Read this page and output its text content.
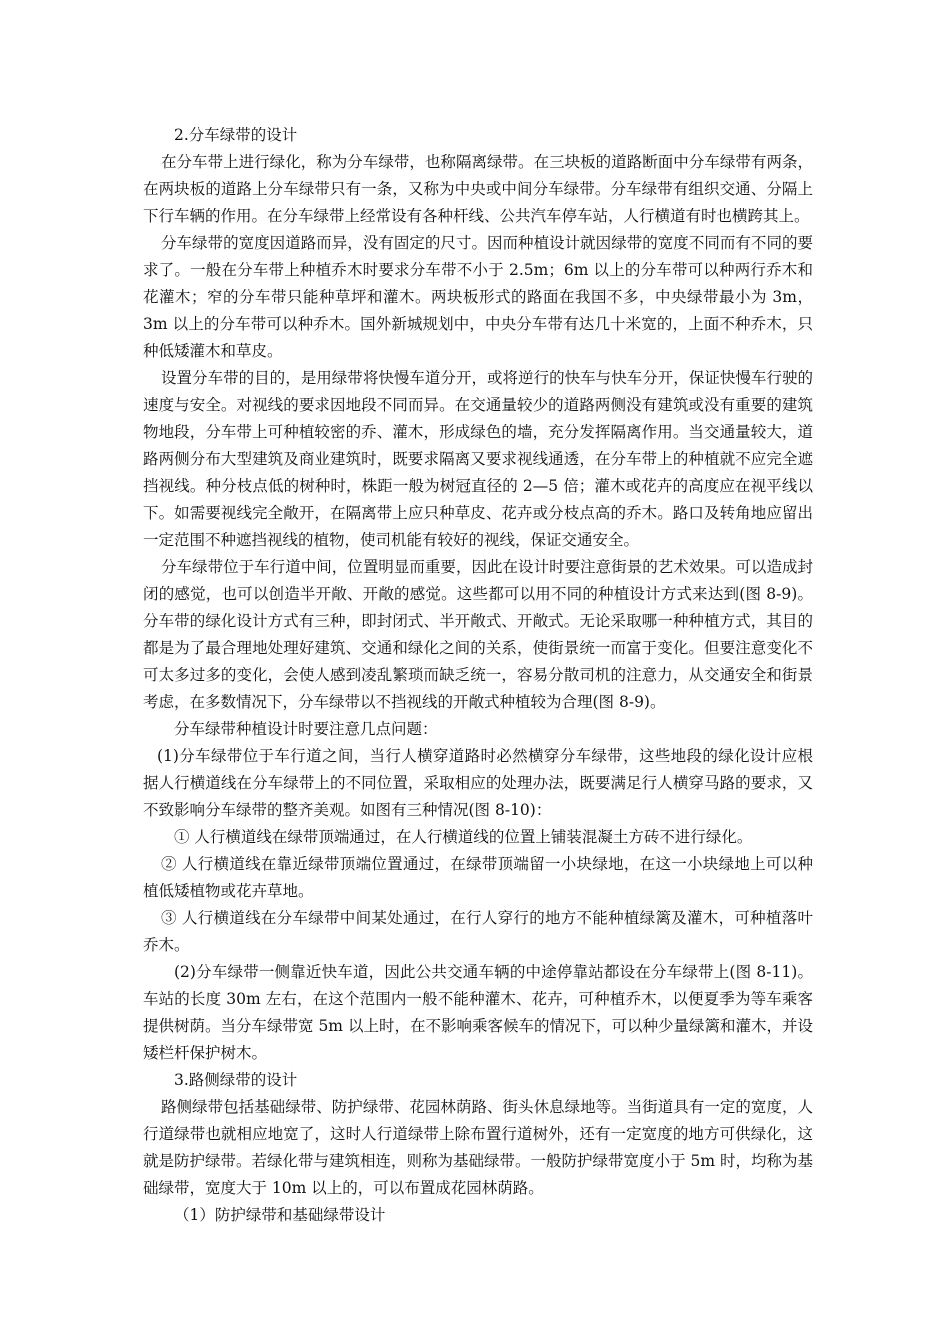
2.分车绿带的设计

在分车带上进行绿化，称为分车绿带，也称隔离绿带。在三块板的道路断面中分车绿带有两条，在两块板的道路上分车绿带只有一条，又称为中央或中间分车绿带。分车绿带有组织交通、分隔上下行车辆的作用。在分车绿带上经常设有各种杆线、公共汽车停车站，人行横道有时也横跨其上。

分车绿带的宽度因道路而异，没有固定的尺寸。因而种植设计就因绿带的宽度不同而有不同的要求了。一般在分车带上种植乔木时要求分车带不小于 2.5m；6m 以上的分车带可以种两行乔木和花灌木；窄的分车带只能种草坪和灌木。两块板形式的路面在我国不多，中央绿带最小为 3m，3m 以上的分车带可以种乔木。国外新城规划中，中央分车带有达几十米宽的，上面不种乔木，只种低矮灌木和草皮。

设置分车带的目的，是用绿带将快慢车道分开，或将逆行的快车与快车分开，保证快慢车行驶的速度与安全。对视线的要求因地段不同而异。在交通量较少的道路两侧没有建筑或没有重要的建筑物地段，分车带上可种植较密的乔、灌木，形成绿色的墙，充分发挥隔离作用。当交通量较大，道路两侧分布大型建筑及商业建筑时，既要求隔离又要求视线通透，在分车带上的种植就不应完全遮挡视线。种分枝点低的树种时，株距一般为树冠直径的 2—5 倍；灌木或花卉的高度应在视平线以下。如需要视线完全敞开，在隔离带上应只种草皮、花卉或分枝点高的乔木。路口及转角地应留出一定范围不种遮挡视线的植物，使司机能有较好的视线，保证交通安全。

分车绿带位于车行道中间，位置明显而重要，因此在设计时要注意街景的艺术效果。可以造成封闭的感觉，也可以创造半开敞、开敞的感觉。这些都可以用不同的种植设计方式来达到(图 8-9)。分车带的绿化设计方式有三种，即封闭式、半开敞式、开敞式。无论采取哪一种种植方式，其目的都是为了最合理地处理好建筑、交通和绿化之间的关系，使街景统一而富于变化。但要注意变化不可太多过多的变化，会使人感到凌乱繁琐而缺乏统一，容易分散司机的注意力，从交通安全和街景考虑，在多数情况下，分车绿带以不挡视线的开敞式种植较为合理(图 8-9)。

分车绿带种植设计时要注意几点问题：

(1)分车绿带位于车行道之间，当行人横穿道路时必然横穿分车绿带，这些地段的绿化设计应根据人行横道线在分车绿带上的不同位置，采取相应的处理办法，既要满足行人横穿马路的要求，又不致影响分车绿带的整齐美观。如图有三种情况(图 8-10)：

① 人行横道线在绿带顶端通过，在人行横道线的位置上铺装混凝土方砖不进行绿化。

② 人行横道线在靠近绿带顶端位置通过，在绿带顶端留一小块绿地，在这一小块绿地上可以种植低矮植物或花卉草地。

③ 人行横道线在分车绿带中间某处通过，在行人穿行的地方不能种植绿篱及灌木，可种植落叶乔木。

(2)分车绿带一侧靠近快车道，因此公共交通车辆的中途停靠站都设在分车绿带上(图 8-11)。车站的长度 30m 左右，在这个范围内一般不能种灌木、花卉，可种植乔木，以便夏季为等车乘客提供树荫。当分车绿带宽 5m 以上时，在不影响乘客候车的情况下，可以种少量绿篱和灌木，并设矮栏杆保护树木。

3.路侧绿带的设计

路侧绿带包括基础绿带、防护绿带、花园林荫路、街头休息绿地等。当街道具有一定的宽度，人行道绿带也就相应地宽了，这时人行道绿带上除布置行道树外，还有一定宽度的地方可供绿化，这就是防护绿带。若绿化带与建筑相连，则称为基础绿带。一般防护绿带宽度小于 5m 时，均称为基础绿带，宽度大于 10m 以上的，可以布置成花园林荫路。

（1）防护绿带和基础绿带设计
